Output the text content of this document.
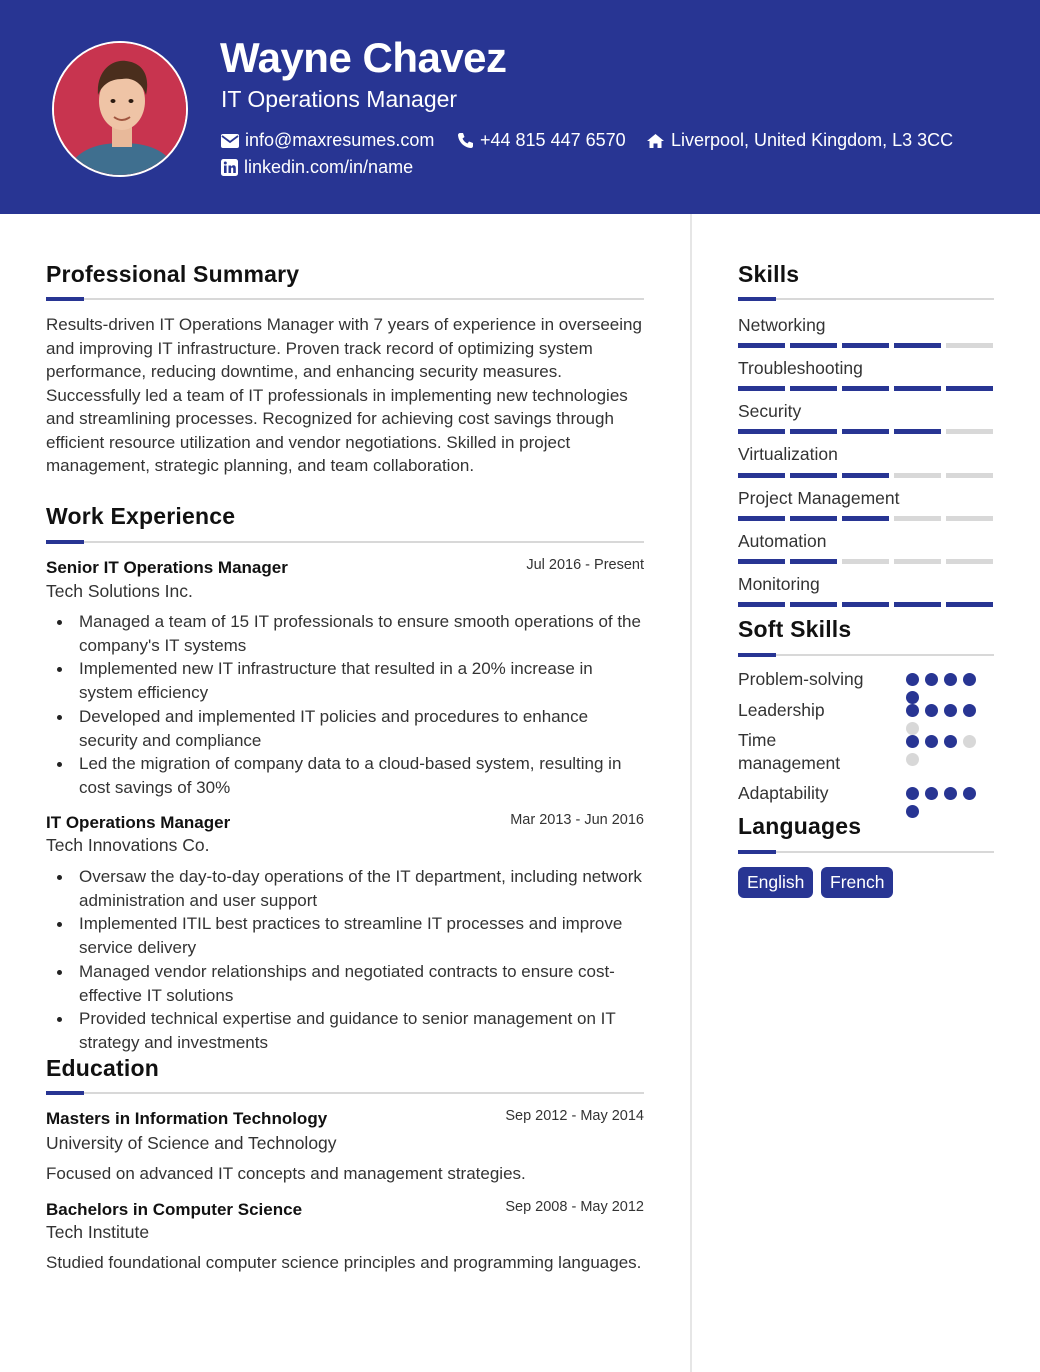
Wayne Chavez
IT Operations Manager
info@maxresumes.com	+44 815 447 6570	Liverpool, United Kingdom, L3 3CC
linkedin.com/in/name
Professional Summary
Results-driven IT Operations Manager with 7 years of experience in overseeing and improving IT infrastructure. Proven track record of optimizing system performance, reducing downtime, and enhancing security measures. Successfully led a team of IT professionals in implementing new technologies and streamlining processes. Recognized for achieving cost savings through efficient resource utilization and vendor negotiations. Skilled in project management, strategic planning, and team collaboration.
Work Experience
Senior IT Operations Manager	Jul 2016 - Present
Tech Solutions Inc.
Managed a team of 15 IT professionals to ensure smooth operations of the company's IT systems
Implemented new IT infrastructure that resulted in a 20% increase in system efficiency
Developed and implemented IT policies and procedures to enhance security and compliance
Led the migration of company data to a cloud-based system, resulting in cost savings of 30%
IT Operations Manager	Mar 2013 - Jun 2016
Tech Innovations Co.
Oversaw the day-to-day operations of the IT department, including network administration and user support
Implemented ITIL best practices to streamline IT processes and improve service delivery
Managed vendor relationships and negotiated contracts to ensure cost-effective IT solutions
Provided technical expertise and guidance to senior management on IT strategy and investments
Education
Masters in Information Technology	Sep 2012 - May 2014
University of Science and Technology
Focused on advanced IT concepts and management strategies.
Bachelors in Computer Science	Sep 2008 - May 2012
Tech Institute
Studied foundational computer science principles and programming languages.
Skills
Networking
Troubleshooting
Security
Virtualization
Project Management
Automation
Monitoring
Soft Skills
Problem-solving
Leadership
Time management
Adaptability
Languages
English	French
